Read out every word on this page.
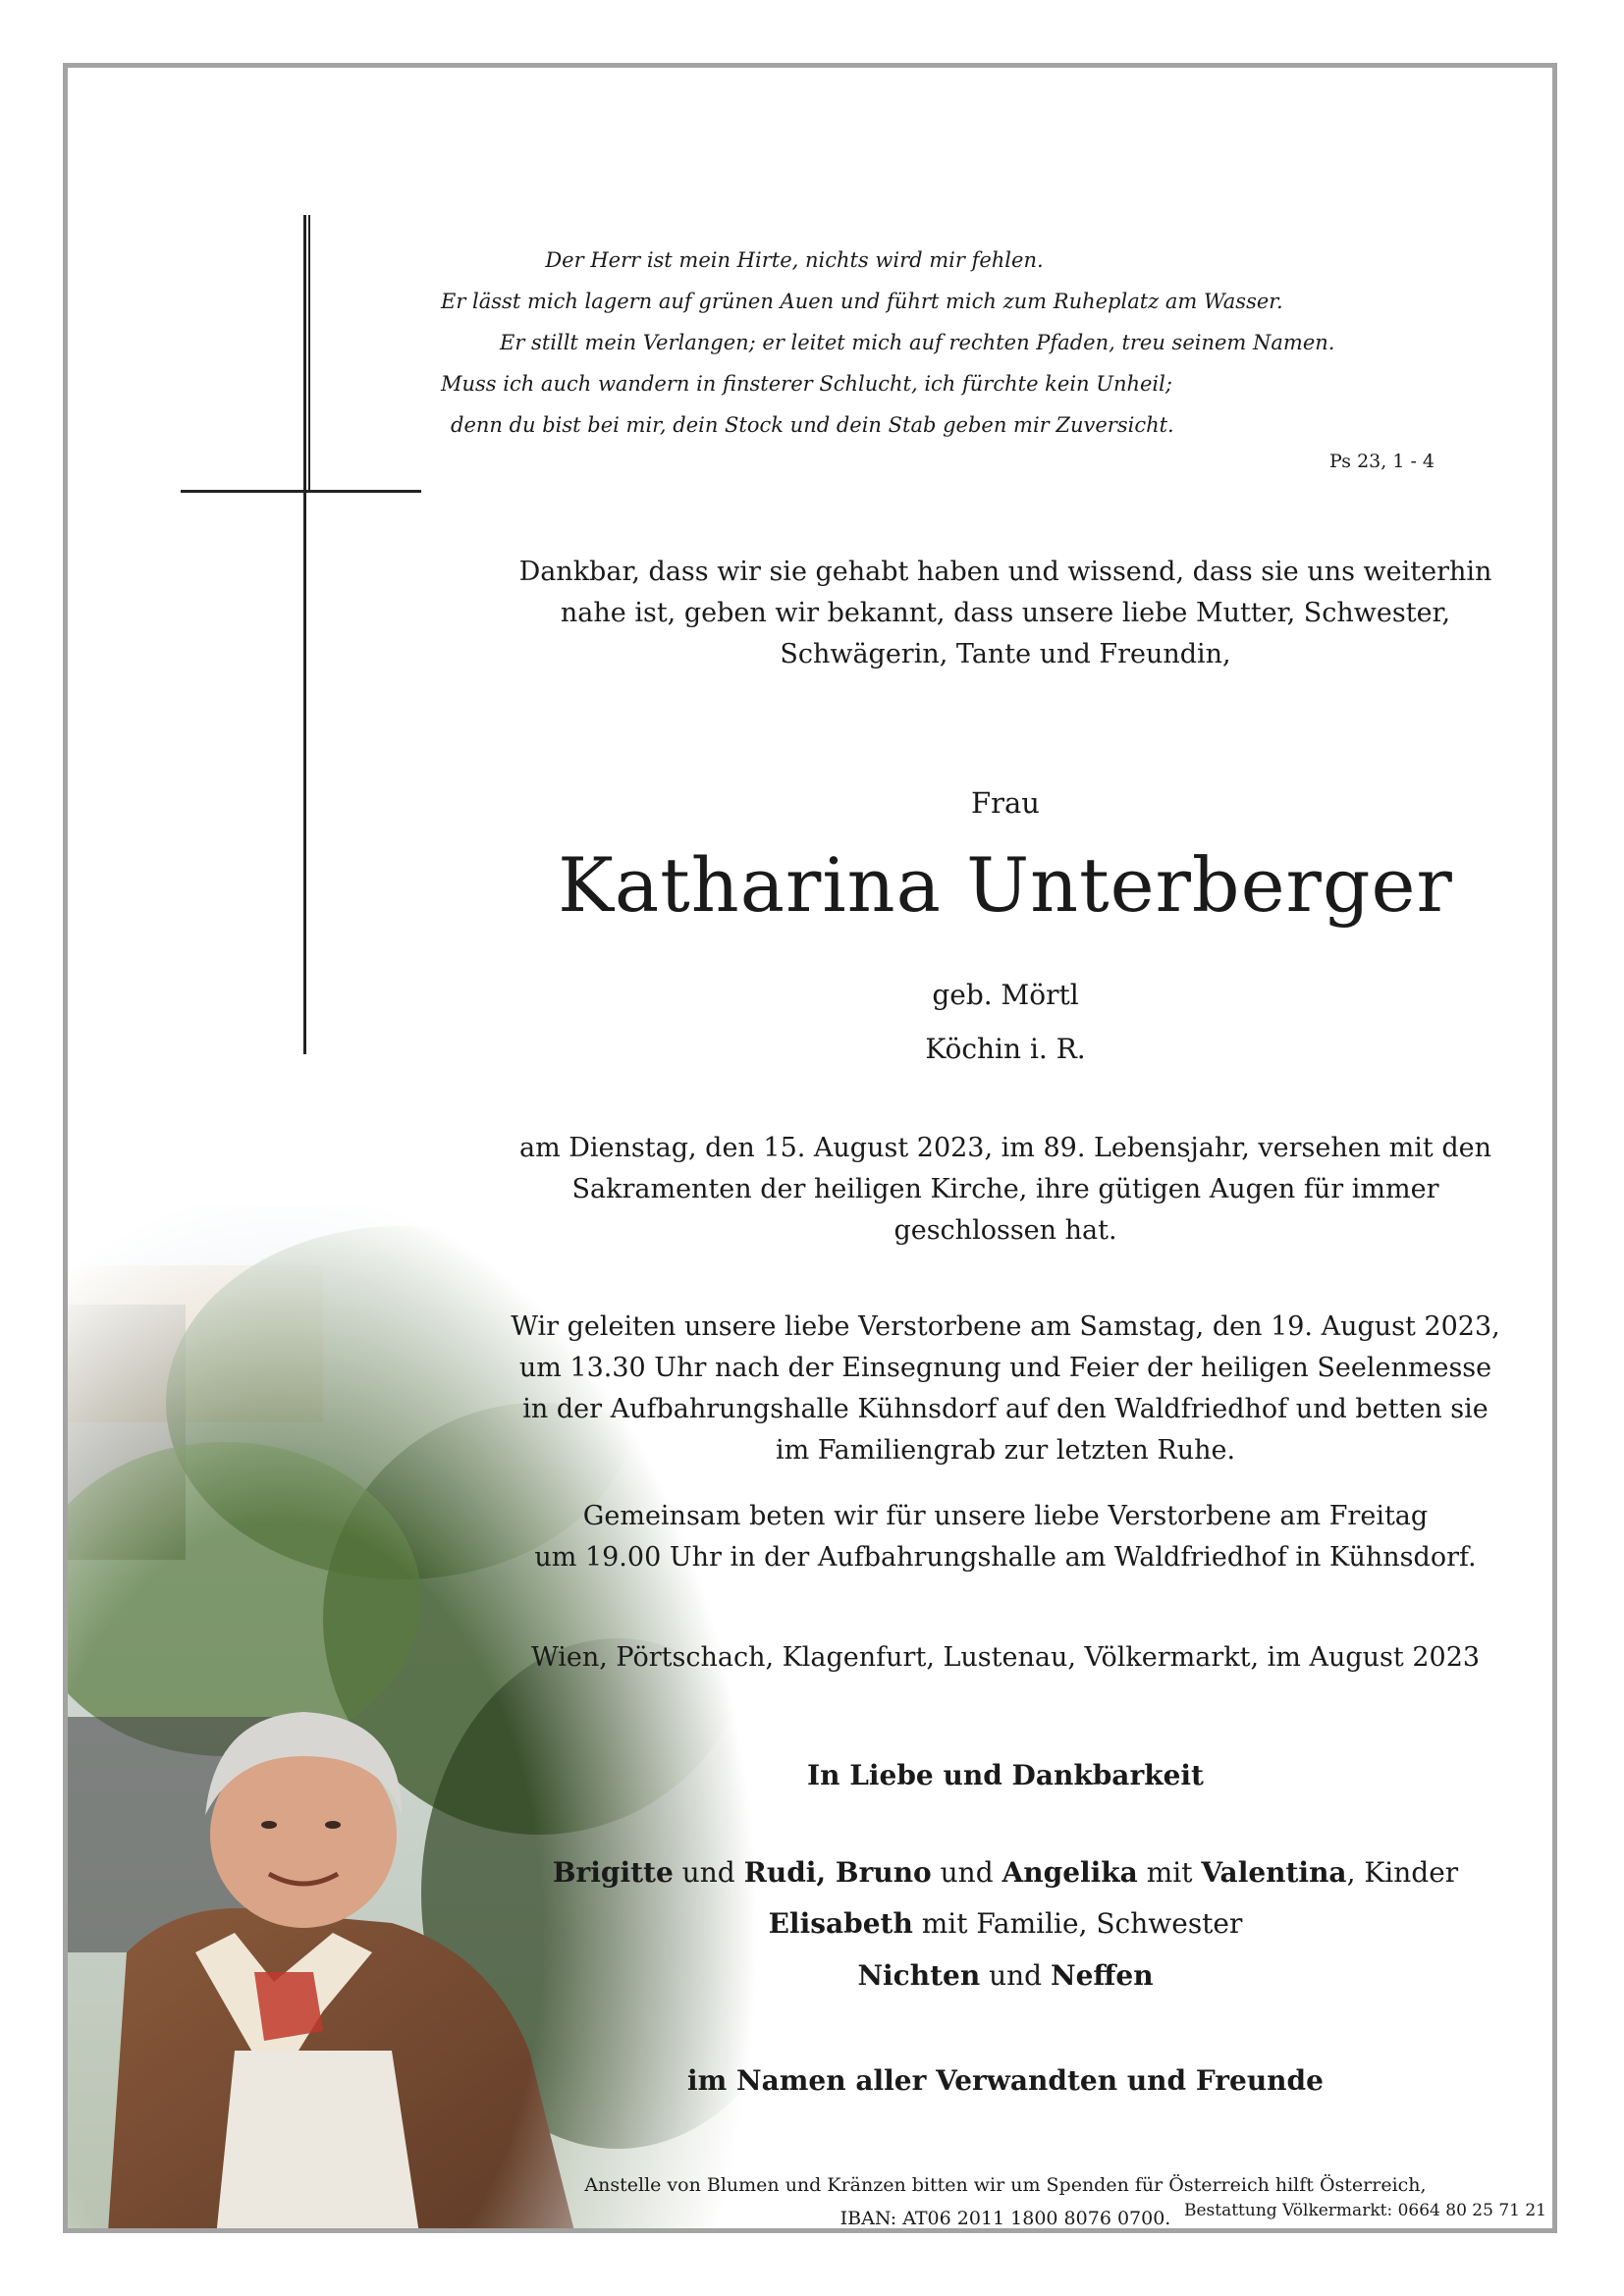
Der Herr ist mein Hirte, nichts wird mir fehlen.
Er lässt mich lagern auf grünen Auen und führt mich zum Ruheplatz am Wasser.
Er stillt mein Verlangen; er leitet mich auf rechten Pfaden, treu seinem Namen.
Muss ich auch wandern in finsterer Schlucht, ich fürchte kein Unheil;
denn du bist bei mir, dein Stock und dein Stab geben mir Zuversicht.
Ps 23, 1 - 4
Dankbar, dass wir sie gehabt haben und wissend, dass sie uns weiterhin
nahe ist, geben wir bekannt, dass unsere liebe Mutter, Schwester,
Schwägerin, Tante und Freundin,
Frau
Katharina Unterberger
geb. Mörtl
Köchin i. R.
am Dienstag, den 15. August 2023, im 89. Lebensjahr, versehen mit den
Sakramenten der heiligen Kirche, ihre gütigen Augen für immer
geschlossen hat.
Wir geleiten unsere liebe Verstorbene am Samstag, den 19. August 2023,
um 13.30 Uhr nach der Einsegnung und Feier der heiligen Seelenmesse
in der Aufbahrungshalle Kühnsdorf auf den Waldfriedhof und betten sie
im Familiengrab zur letzten Ruhe.
Gemeinsam beten wir für unsere liebe Verstorbene am Freitag
um 19.00 Uhr in der Aufbahrungshalle am Waldfriedhof in Kühnsdorf.
Wien, Pörtschach, Klagenfurt, Lustenau, Völkermarkt, im August 2023
In Liebe und Dankbarkeit
Brigitte und Rudi, Bruno und Angelika mit Valentina, Kinder
Elisabeth mit Familie, Schwester
Nichten und Neffen
im Namen aller Verwandten und Freunde
Anstelle von Blumen und Kränzen bitten wir um Spenden für Österreich hilft Österreich,
IBAN: AT06 2011 1800 8076 0700. Bestattung Völkermarkt: 0664 80 25 71 21
